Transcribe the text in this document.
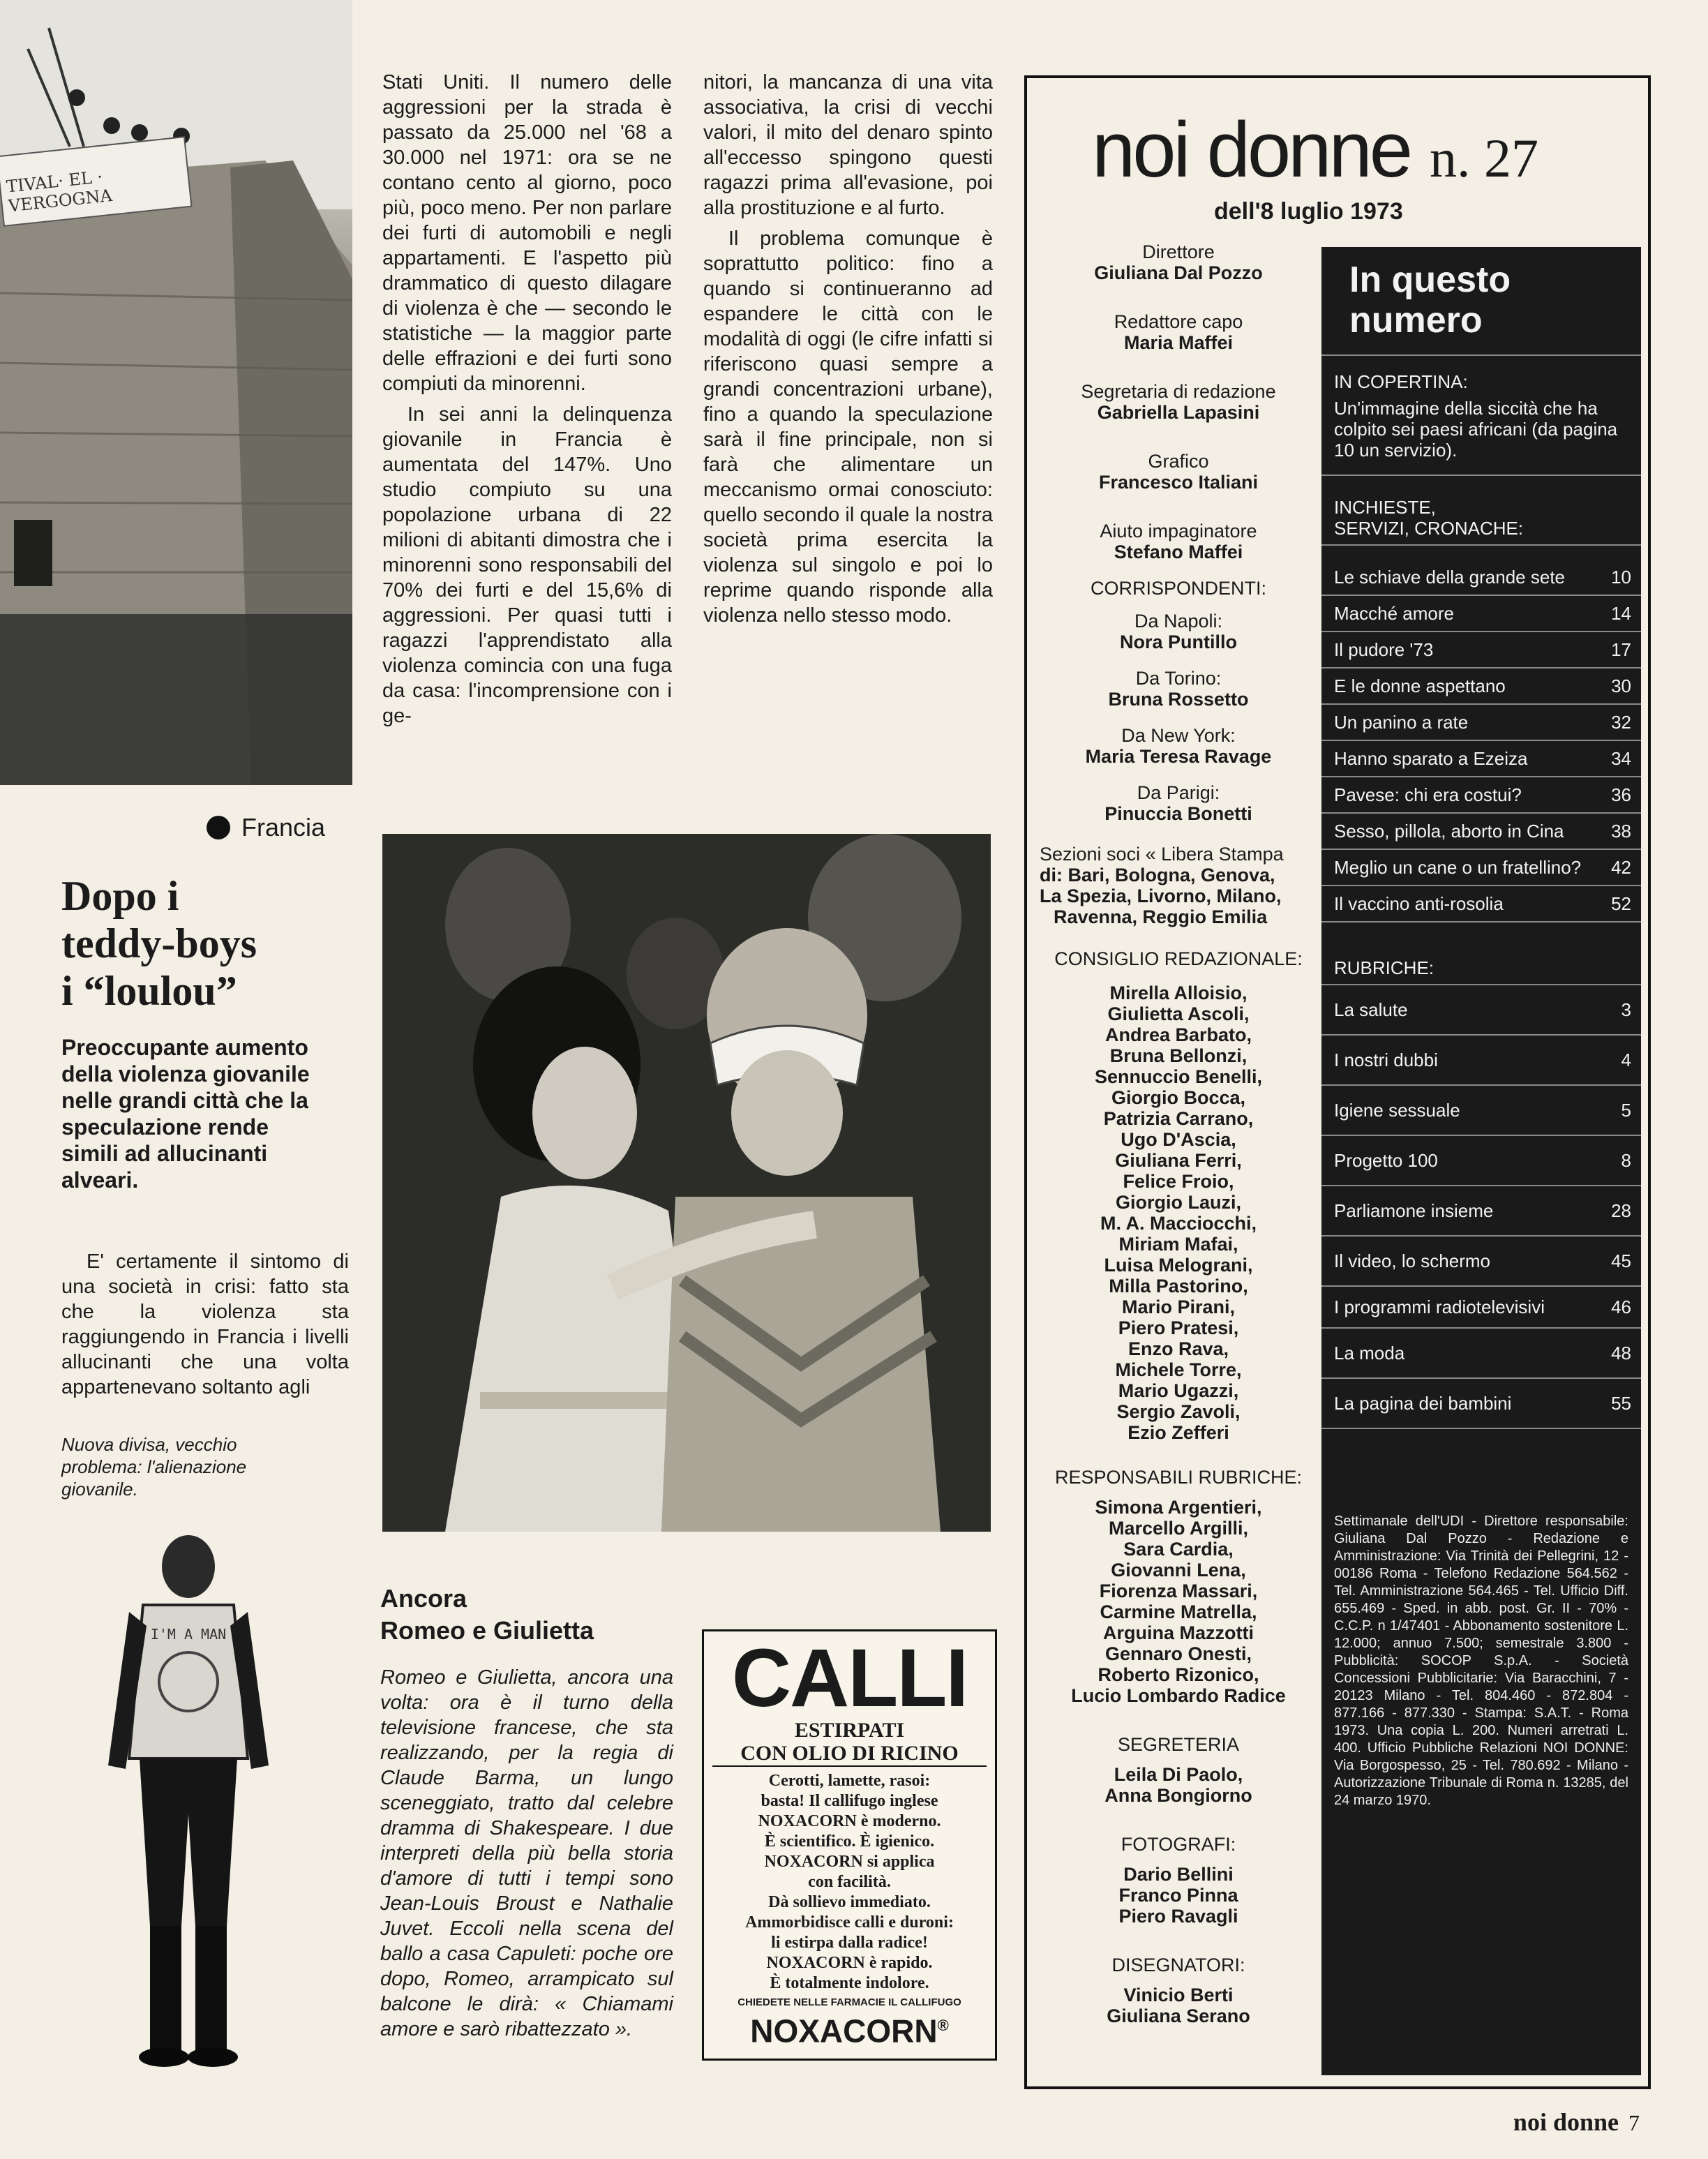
TIVAL· EL · VERGOGNA

Stati Uniti. Il numero delle aggressioni per la strada è passato da 25.000 nel '68 a 30.000 nel 1971: ora se ne contano cento al giorno, poco più, poco meno. Per non parlare dei furti di automobili e negli appartamenti. E l'aspetto più drammatico di questo dilagare di violenza è che — secondo le statistiche — la maggior parte delle effrazioni e dei furti sono compiuti da minorenni.

In sei anni la delinquenza giovanile in Francia è aumentata del 147%. Uno studio compiuto su una popolazione urbana di 22 milioni di abitanti dimostra che i minorenni sono responsabili del 70% dei furti e del 15,6% di aggressioni. Per quasi tutti i ragazzi l'apprendistato alla violenza comincia con una fuga da casa: l'incomprensione con i ge-

nitori, la mancanza di una vita associativa, la crisi di vecchi valori, il mito del denaro spinto all'eccesso spingono questi ragazzi prima all'evasione, poi alla prostituzione e al furto.

Il problema comunque è soprattutto politico: fino a quando si continueranno ad espandere le città con le modalità di oggi (le cifre infatti si riferiscono quasi sempre a grandi concentrazioni urbane), fino a quando la speculazione sarà il fine principale, non si farà che alimentare un meccanismo ormai conosciuto: quello secondo il quale la nostra società prima esercita la violenza sul singolo e poi lo reprime quando risponde alla violenza nello stesso modo.

Francia
Dopo i
teddy-boys
i “loulou”
Preoccupante aumento della violenza giovanile nelle grandi città che la speculazione rende simili ad allucinanti alveari.
E' certamente il sintomo di una società in crisi: fatto sta che la violenza sta raggiungendo in Francia i livelli allucinanti che una volta appartenevano soltanto agli
Nuova divisa, vecchio problema: l'alienazione giovanile.
I'M A MAN
Ancora
Romeo e Giulietta
Romeo e Giulietta, ancora una volta: ora è il turno della televisione francese, che sta realizzando, per la regia di Claude Barma, un lungo sceneggiato, tratto dal celebre dramma di Shakespeare. I due interpreti della più bella storia d'amore di tutti i tempi sono Jean-Louis Broust e Nathalie Juvet. Eccoli nella scena del ballo a casa Capuleti: poche ore dopo, Romeo, arrampicato sul balcone le dirà: « Chiamami amore e sarò ribattezzato ».
CALLI
ESTIRPATI
CON OLIO DI RICINO
Cerotti, lamette, rasoi:
basta! Il callifugo inglese
NOXACORN è moderno.
È scientifico. È igienico.
NOXACORN si applica
con facilità.
Dà sollievo immediato.
Ammorbidisce calli e duroni:
li estirpa dalla radice!
NOXACORN è rapido.
È totalmente indolore.
CHIEDETE NELLE FARMACIE IL CALLIFUGO
NOXACORN®
noi donne n. 27
dell'8 luglio 1973
Direttore
Giuliana Dal Pozzo
Redattore capo
Maria Maffei
Segretaria di redazione
Gabriella Lapasini
Grafico
Francesco Italiani
Aiuto impaginatore
Stefano Maffei
CORRISPONDENTI:
Da Napoli:
Nora Puntillo
Da Torino:
Bruna Rossetto
Da New York:
Maria Teresa Ravage
Da Parigi:
Pinuccia Bonetti
Sezioni soci « Libera Stampa
di: Bari, Bologna, Genova,
La Spezia, Livorno, Milano,
Ravenna, Reggio Emilia
CONSIGLIO REDAZIONALE:
Mirella Alloisio,
Giulietta Ascoli,
Andrea Barbato,
Bruna Bellonzi,
Sennuccio Benelli,
Giorgio Bocca,
Patrizia Carrano,
Ugo D'Ascia,
Giuliana Ferri,
Felice Froio,
Giorgio Lauzi,
M. A. Macciocchi,
Miriam Mafai,
Luisa Melograni,
Milla Pastorino,
Mario Pirani,
Piero Pratesi,
Enzo Rava,
Michele Torre,
Mario Ugazzi,
Sergio Zavoli,
Ezio Zefferi
RESPONSABILI RUBRICHE:
Simona Argentieri,
Marcello Argilli,
Sara Cardia,
Giovanni Lena,
Fiorenza Massari,
Carmine Matrella,
Arguina Mazzotti
Gennaro Onesti,
Roberto Rizonico,
Lucio Lombardo Radice
SEGRETERIA
Leila Di Paolo,
Anna Bongiorno
FOTOGRAFI:
Dario Bellini
Franco Pinna
Piero Ravagli
DISEGNATORI:
Vinicio Berti
Giuliana Serano
In questo
numero
IN COPERTINA:
Un'immagine della siccità che ha colpito sei paesi africani (da pagina 10 un servizio).
INCHIESTE,
SERVIZI, CRONACHE:
Le schiave della grande sete	10
Macché amore	14
Il pudore '73	17
E le donne aspettano	30
Un panino a rate	32
Hanno sparato a Ezeiza	34
Pavese: chi era costui?	36
Sesso, pillola, aborto in Cina	38
Meglio un cane o un fratellino? 42
Il vaccino anti-rosolia	52
RUBRICHE:
La salute	3
I nostri dubbi	4
Igiene sessuale	5
Progetto 100	8
Parliamone insieme	28
Il video, lo schermo	45
I programmi radiotelevisivi	46
La moda	48
La pagina dei bambini	55
Settimanale dell'UDI - Direttore responsabile: Giuliana Dal Pozzo - Redazione e Amministrazione: Via Trinità dei Pellegrini, 12 - 00186 Roma - Telefono Redazione 564.562 - Tel. Amministrazione 564.465 - Tel. Ufficio Diff. 655.469 - Sped. in abb. post. Gr. II - 70% - C.C.P. n 1/47401 - Abbonamento sostenitore L. 12.000; annuo 7.500; semestrale 3.800 - Pubblicità: SOCOP S.p.A. - Società Concessioni Pubblicitarie: Via Baracchini, 7 - 20123 Milano - Tel. 804.460 - 872.804 - 877.166 - 877.330 - Stampa: S.A.T. - Roma 1973. Una copia L. 200. Numeri arretrati L. 400. Ufficio Pubbliche Relazioni NOI DONNE: Via Borgospesso, 25 - Tel. 780.692 - Milano - Autorizzazione Tribunale di Roma n. 13285, del 24 marzo 1970.
noi donne 7
